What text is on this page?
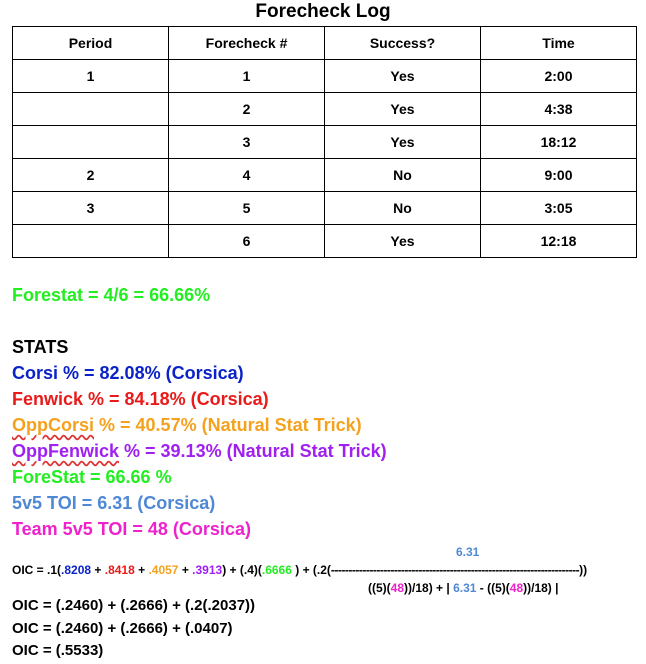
Forecheck Log
Period	Forecheck #	Success?	Time
1	1	Yes	2:00
	2	Yes	4:38
	3	Yes	18:12
2	4	No	9:00
3	5	No	3:05
	6	Yes	12:18
Forestat = 4/6 = 66.66%
STATS
Corsi % = 82.08% (Corsica)
Fenwick % = 84.18% (Corsica)
OppCorsi % = 40.57% (Natural Stat Trick)
OppFenwick % = 39.13% (Natural Stat Trick)
ForeStat = 66.66 %
5v5 TOI = 6.31 (Corsica)
Team 5v5 TOI = 48 (Corsica)
6.31
OIC = .1(.8208 + .8418 + .4057 + .3913) + (.4)(.6666 ) + (.2(-----------------------------------------------------------------------))
((5)(48))/18) + | 6.31 - ((5)(48))/18) |
OIC = (.2460) + (.2666) + (.2(.2037))
OIC = (.2460) + (.2666) + (.0407)
OIC = (.5533)
